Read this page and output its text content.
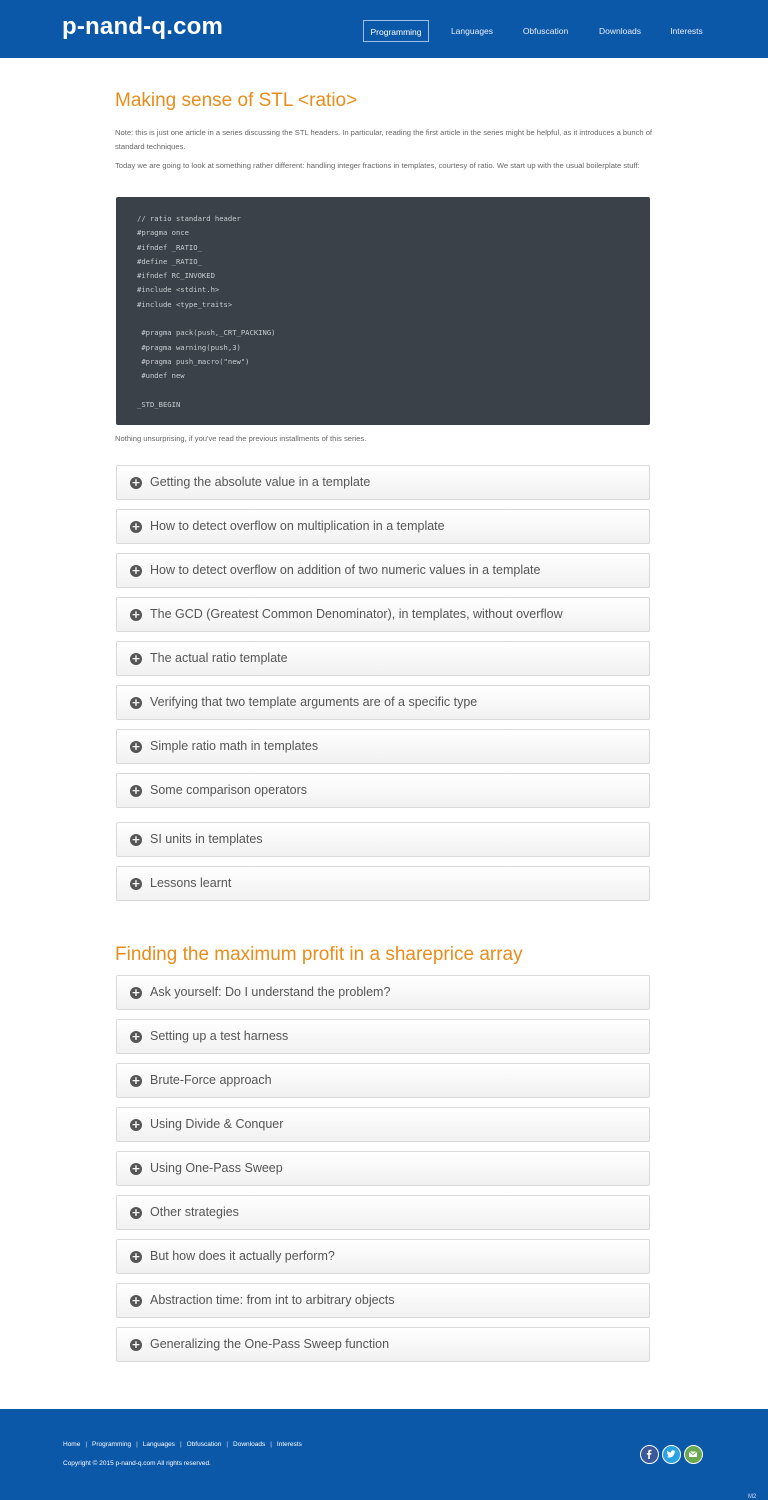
p-nand-q.com	Programming	Languages	Obfuscation	Downloads	Interests
Making sense of STL <ratio>

Note: this is just one article in a series discussing the STL headers. In particular, reading the first article in the series might be helpful, as it introduces a bunch of standard techniques.

Today we are going to look at something rather different: handling integer fractions in templates, courtesy of ratio. We start up with the usual boilerplate stuff:

// ratio standard header
#pragma once
#ifndef _RATIO_
#define _RATIO_
#ifndef RC_INVOKED
#include <stdint.h>
#include <type_traits>
#pragma pack(push,_CRT_PACKING)
#pragma warning(push,3)
#pragma push_macro("new")
#undef new
_STD_BEGIN

Nothing unsurprising, if you've read the previous installments of this series.

+ Getting the absolute value in a template
+ How to detect overflow on multiplication in a template
+ How to detect overflow on addition of two numeric values in a template
+ The GCD (Greatest Common Denominator), in templates, without overflow
+ The actual ratio template
+ Verifying that two template arguments are of a specific type
+ Simple ratio math in templates
+ Some comparison operators
+ SI units in templates
+ Lessons learnt
Finding the maximum profit in a shareprice array
+ Ask yourself: Do I understand the problem?
+ Setting up a test harness
+ Brute-Force approach
+ Using Divide & Conquer
+ Using One-Pass Sweep
+ Other strategies
+ But how does it actually perform?
+ Abstraction time: from int to arbitrary objects
+ Generalizing the One-Pass Sweep function
Home | Programming | Languages | Obfuscation | Downloads | Interests
Copyright © 2015 p-nand-q.com All rights reserved.
M2
